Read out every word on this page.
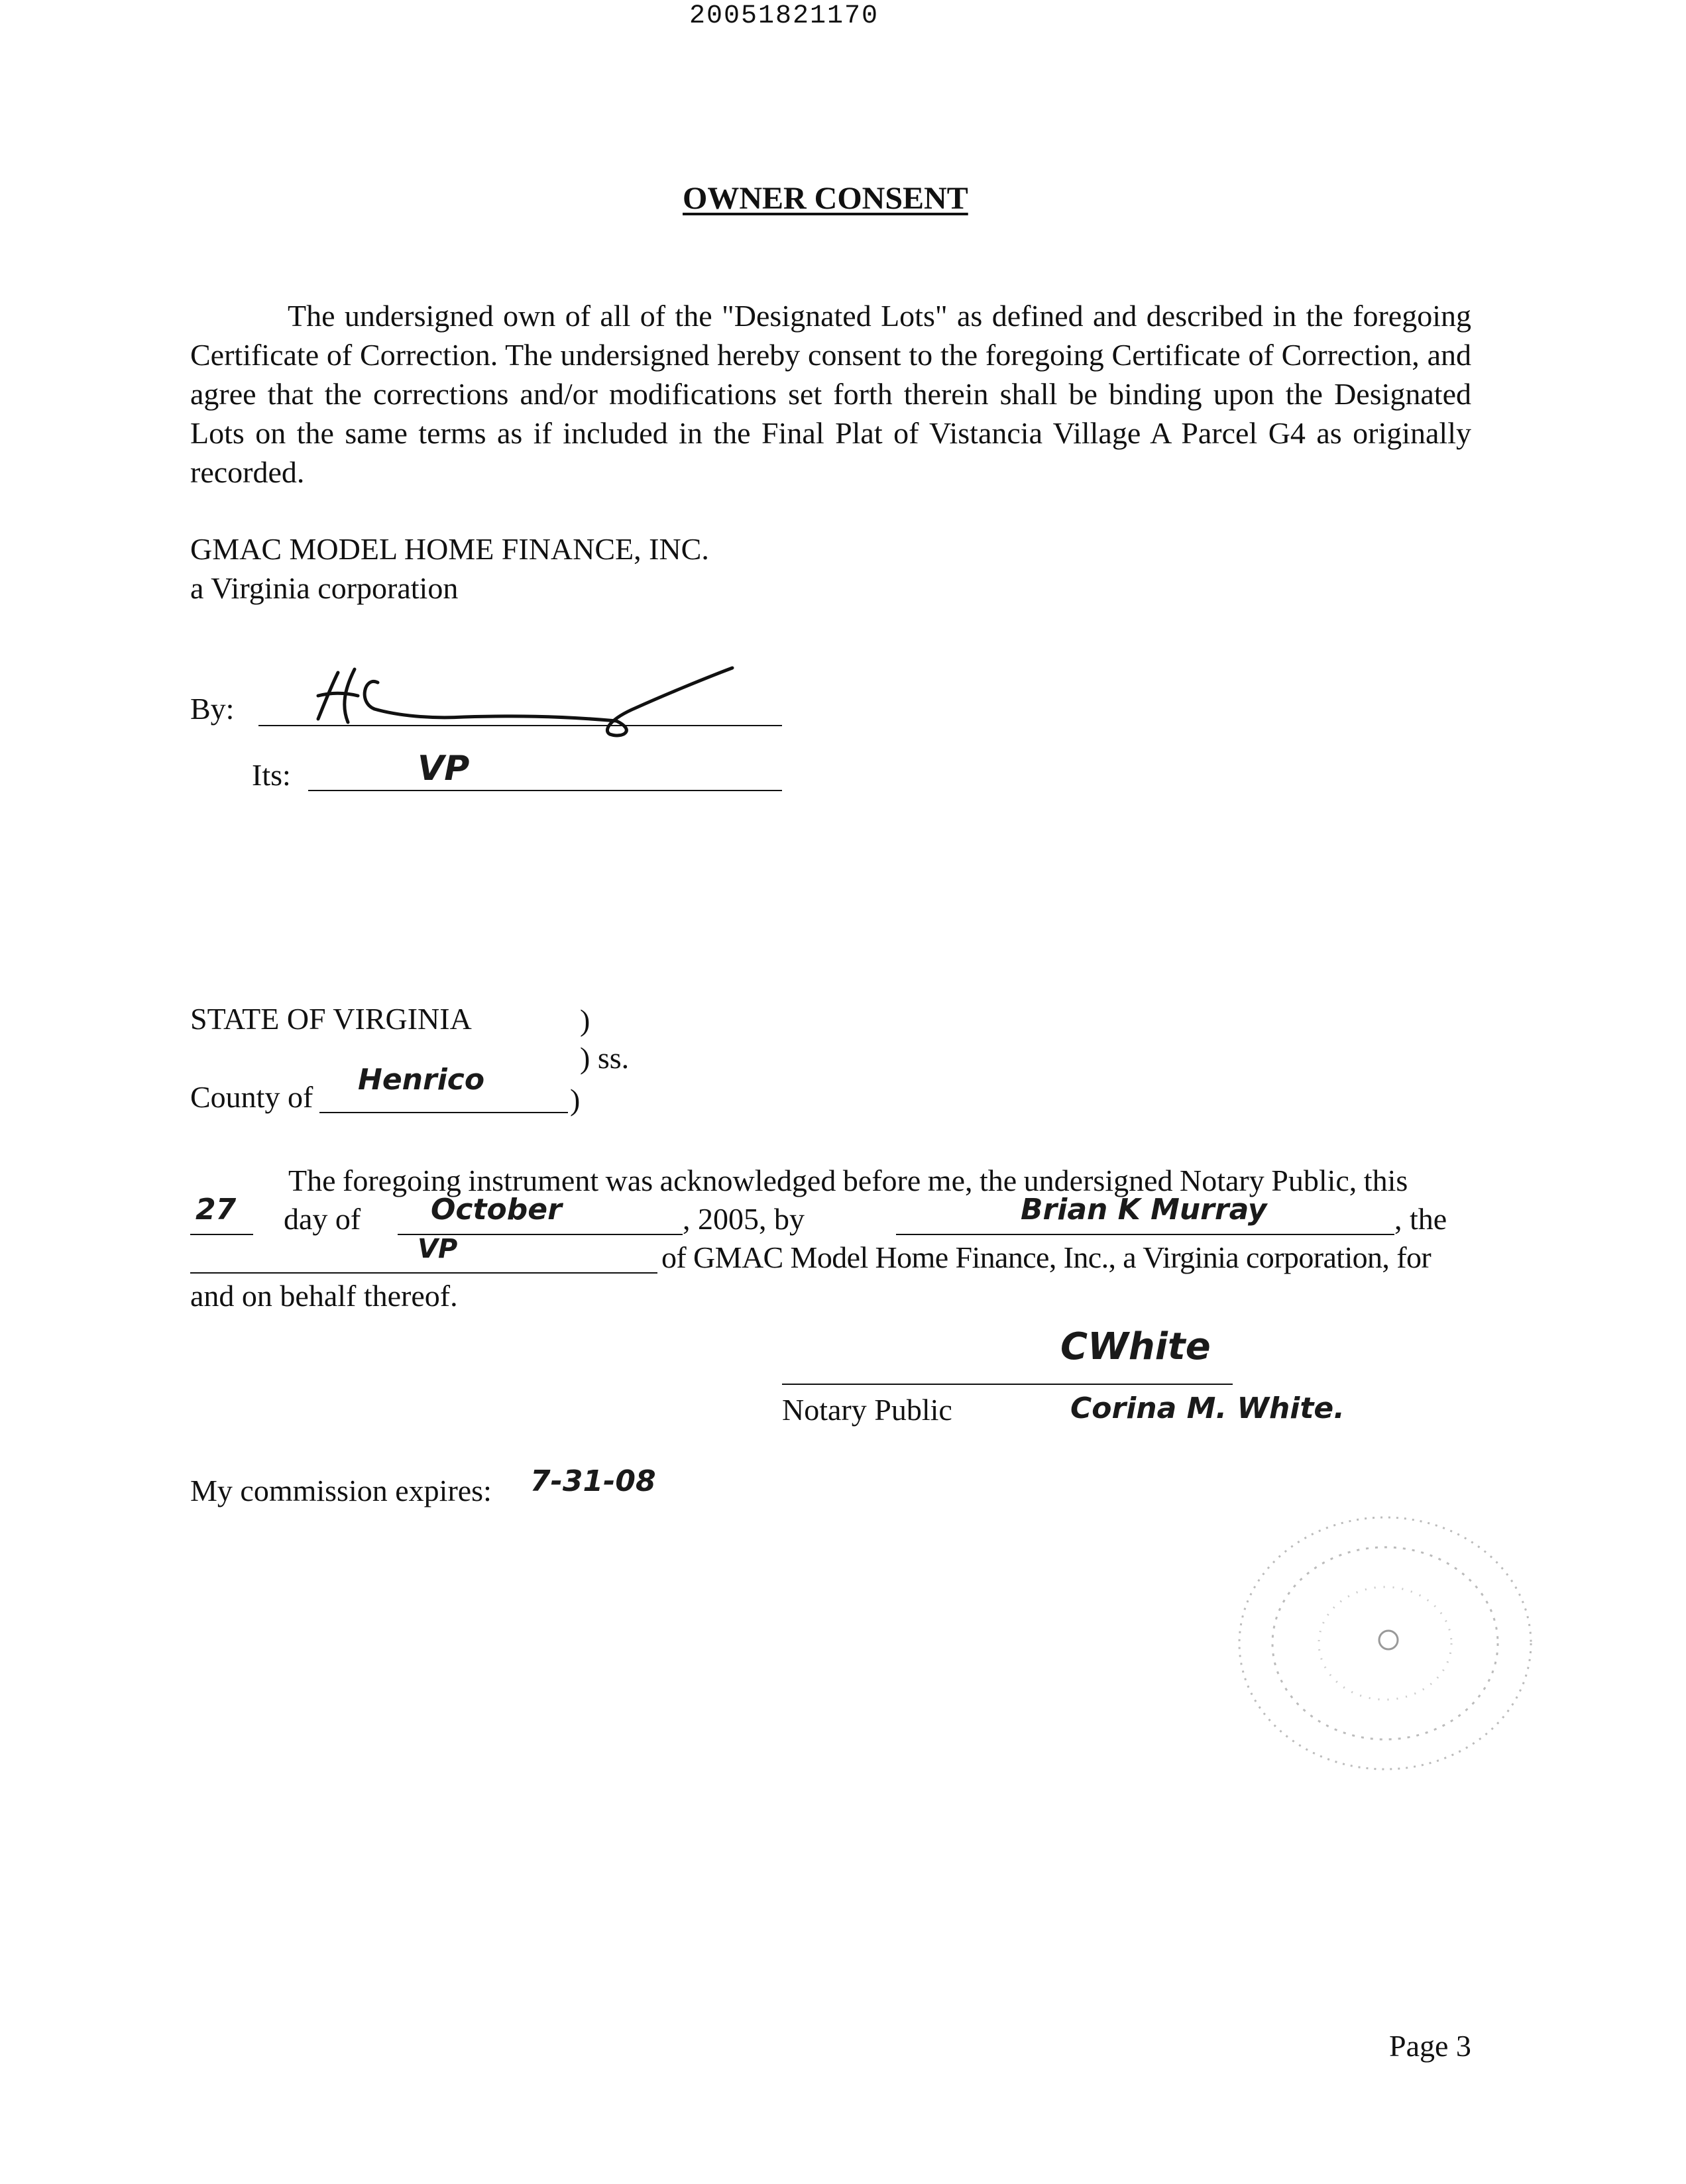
20051821170
OWNER CONSENT
The undersigned own of all of the "Designated Lots" as defined and described in the foregoing Certificate of Correction. The undersigned hereby consent to the foregoing Certificate of Correction, and agree that the corrections and/or modifications set forth therein shall be binding upon the Designated Lots on the same terms as if included in the Final Plat of Vistancia Village A Parcel G4 as originally recorded.
GMAC MODEL HOME FINANCE, INC.
a Virginia corporation
By:
Its:	VP
STATE OF VIRGINIA	)
) ss.
County of
Henrico
)
The foregoing instrument was acknowledged before me, the undersigned Notary Public, this
27 day of October	, 2005, by	Brian K Murray	, the
VP	of GMAC Model Home Finance, Inc., a Virginia corporation, for
and on behalf thereof.
CWhite
Notary Public	Corina M. White.
My commission expires: 7-31-08
Page 3
